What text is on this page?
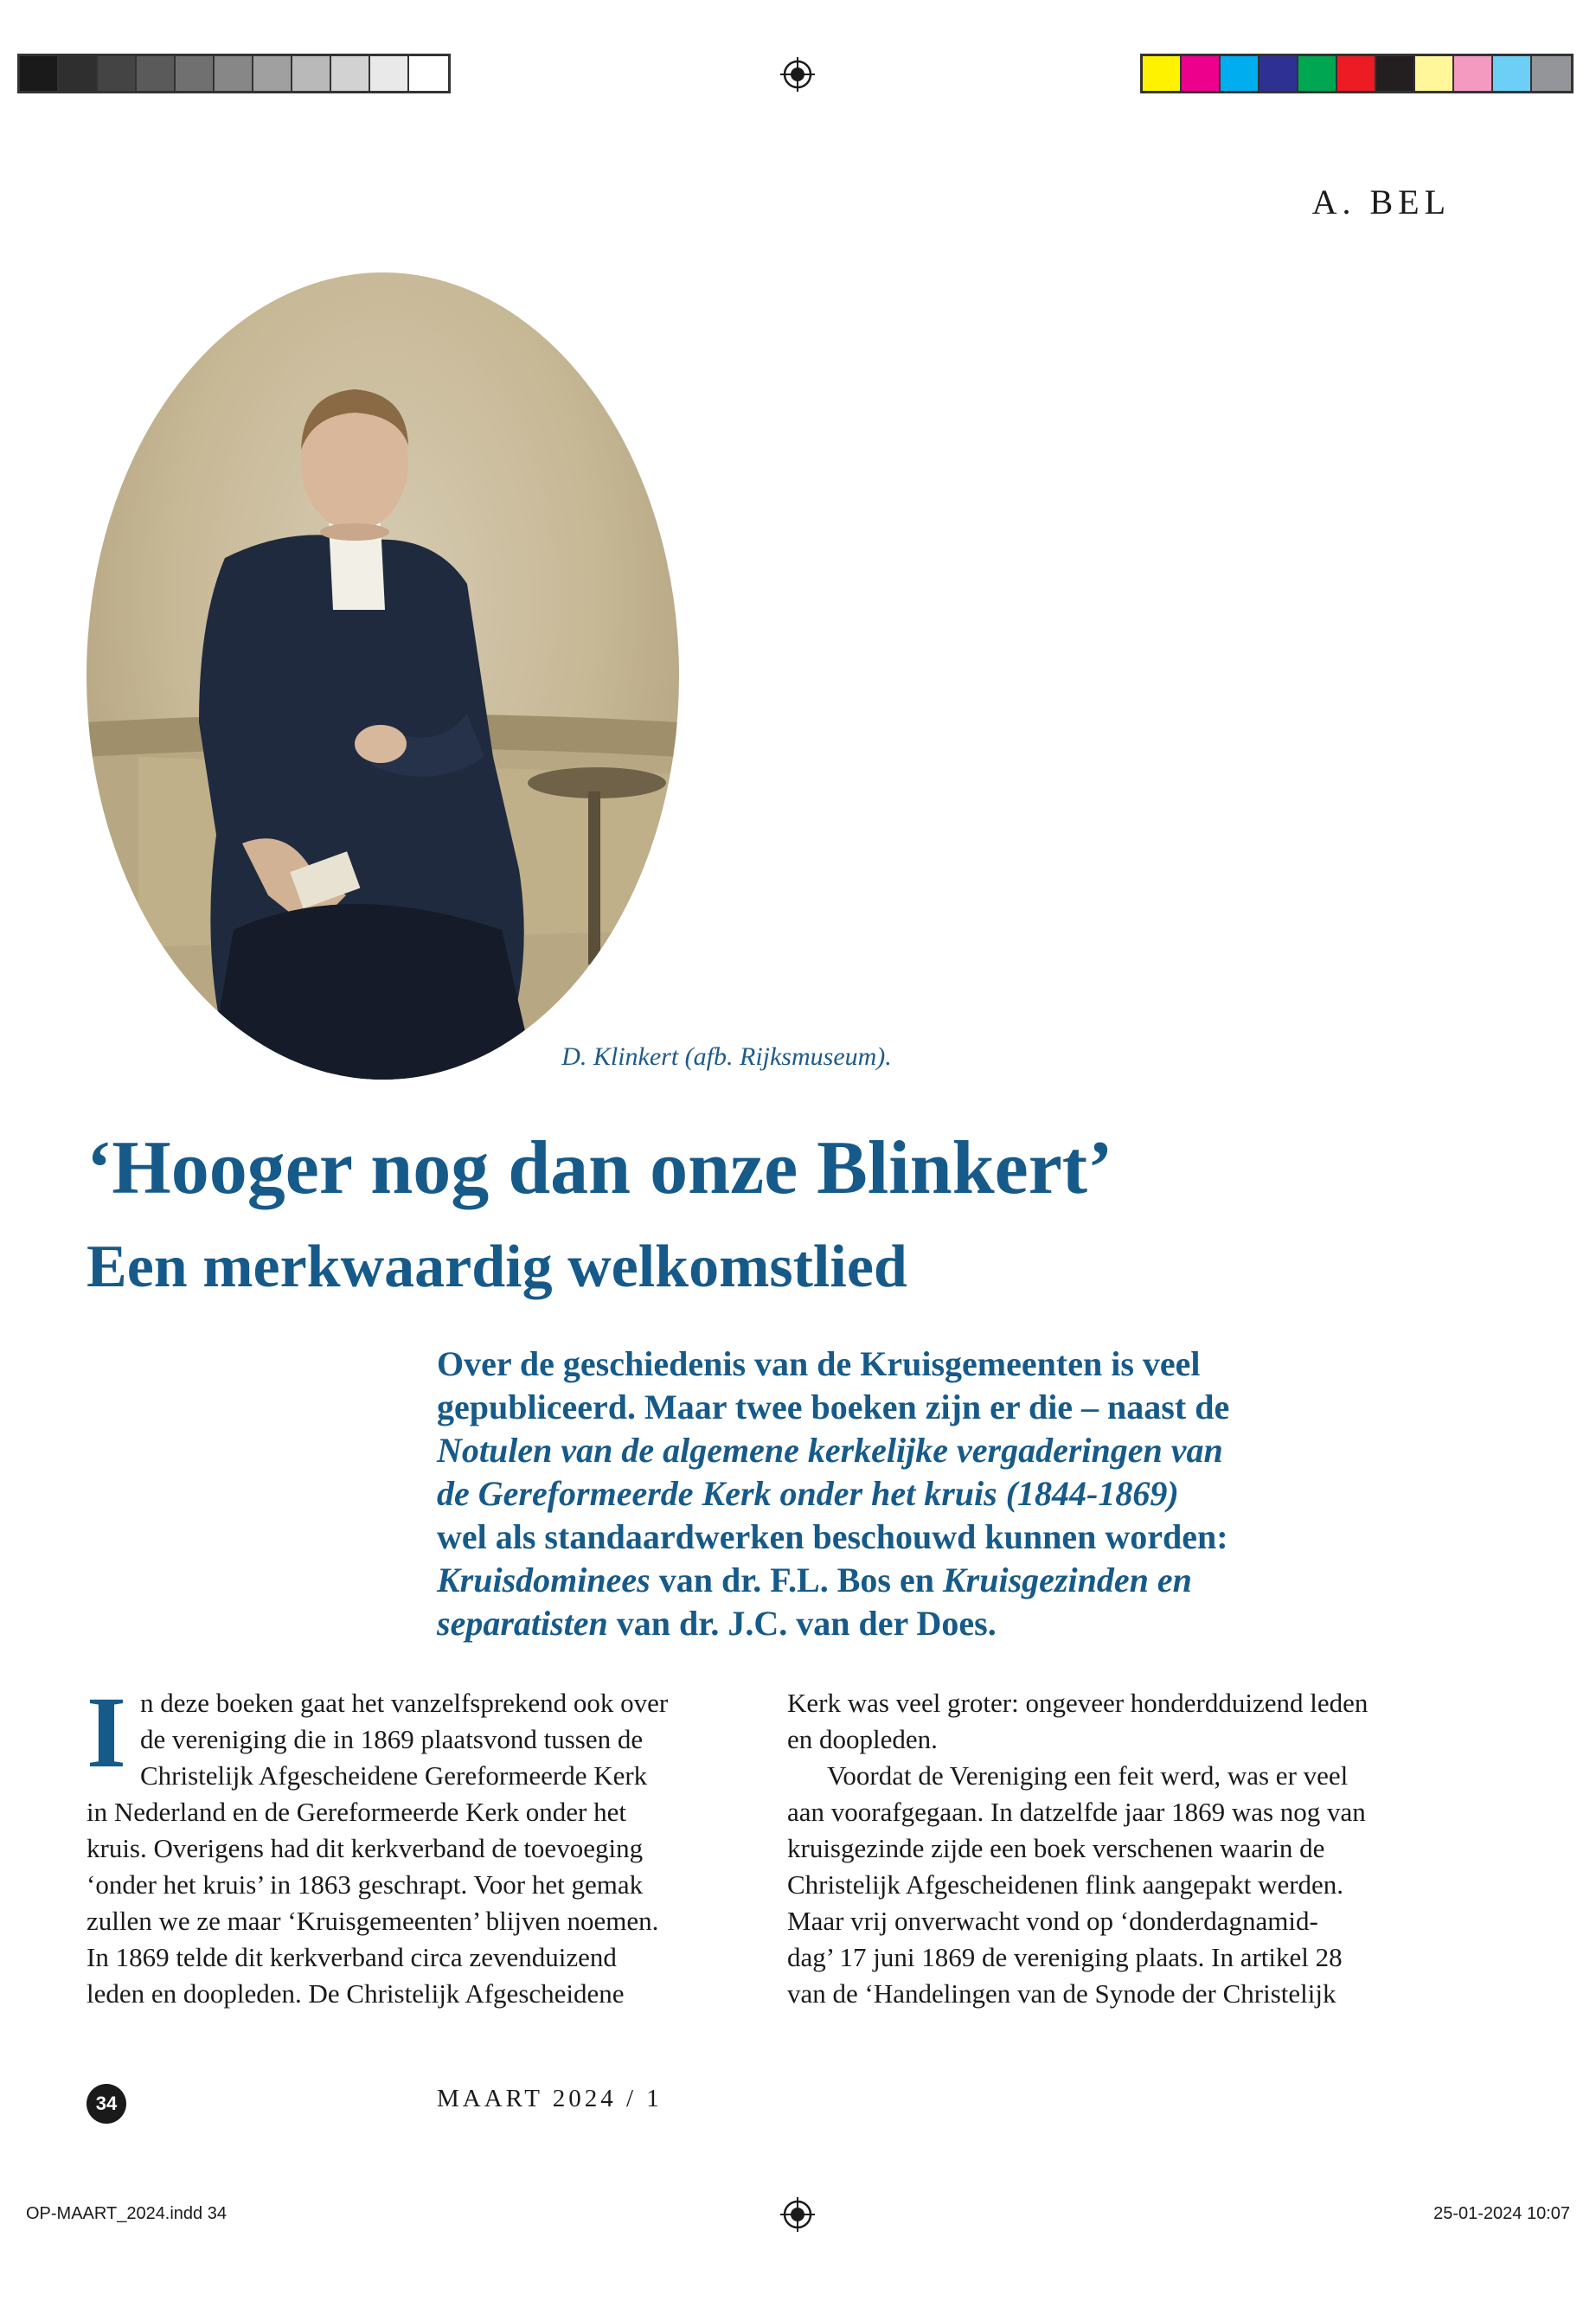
A. BEL
D. Klinkert (afb. Rijksmuseum).
‘Hooger nog dan onze Blinkert’
Een merkwaardig welkomstlied
Over de geschiedenis van de Kruisgemeenten is veel
gepubliceerd. Maar twee boeken zijn er die – naast de
Notulen van de algemene kerkelijke vergaderingen van
de Gereformeerde Kerk onder het kruis (1844-1869)
wel als standaardwerken beschouwd kunnen worden:
Kruisdominees van dr. F.L. Bos en Kruisgezinden en
separatisten van dr. J.C. van der Does.
I n deze boeken gaat het vanzelfsprekend ook over
de vereniging die in 1869 plaatsvond tussen de
Christelijk Afgescheidene Gereformeerde Kerk
in Nederland en de Gereformeerde Kerk onder het
kruis. Overigens had dit kerkverband de toevoeging
‘onder het kruis’ in 1863 geschrapt. Voor het gemak
zullen we ze maar ‘Kruisgemeenten’ blijven noemen.
In 1869 telde dit kerkverband circa zevenduizend
leden en doopleden. De Christelijk Afgescheidene
Kerk was veel groter: ongeveer honderdduizend leden
en doopleden.
Voordat de Vereniging een feit werd, was er veel
aan voorafgegaan. In datzelfde jaar 1869 was nog van
kruisgezinde zijde een boek verschenen waarin de
Christelijk Afgescheidenen flink aangepakt werden.
Maar vrij onverwacht vond op ‘donderdagnamid-
dag’ 17 juni 1869 de vereniging plaats. In artikel 28
van de ‘Handelingen van de Synode der Christelijk
34	MAART 2024 / 1
OP-MAART_2024.indd 34	25-01-2024 10:07
